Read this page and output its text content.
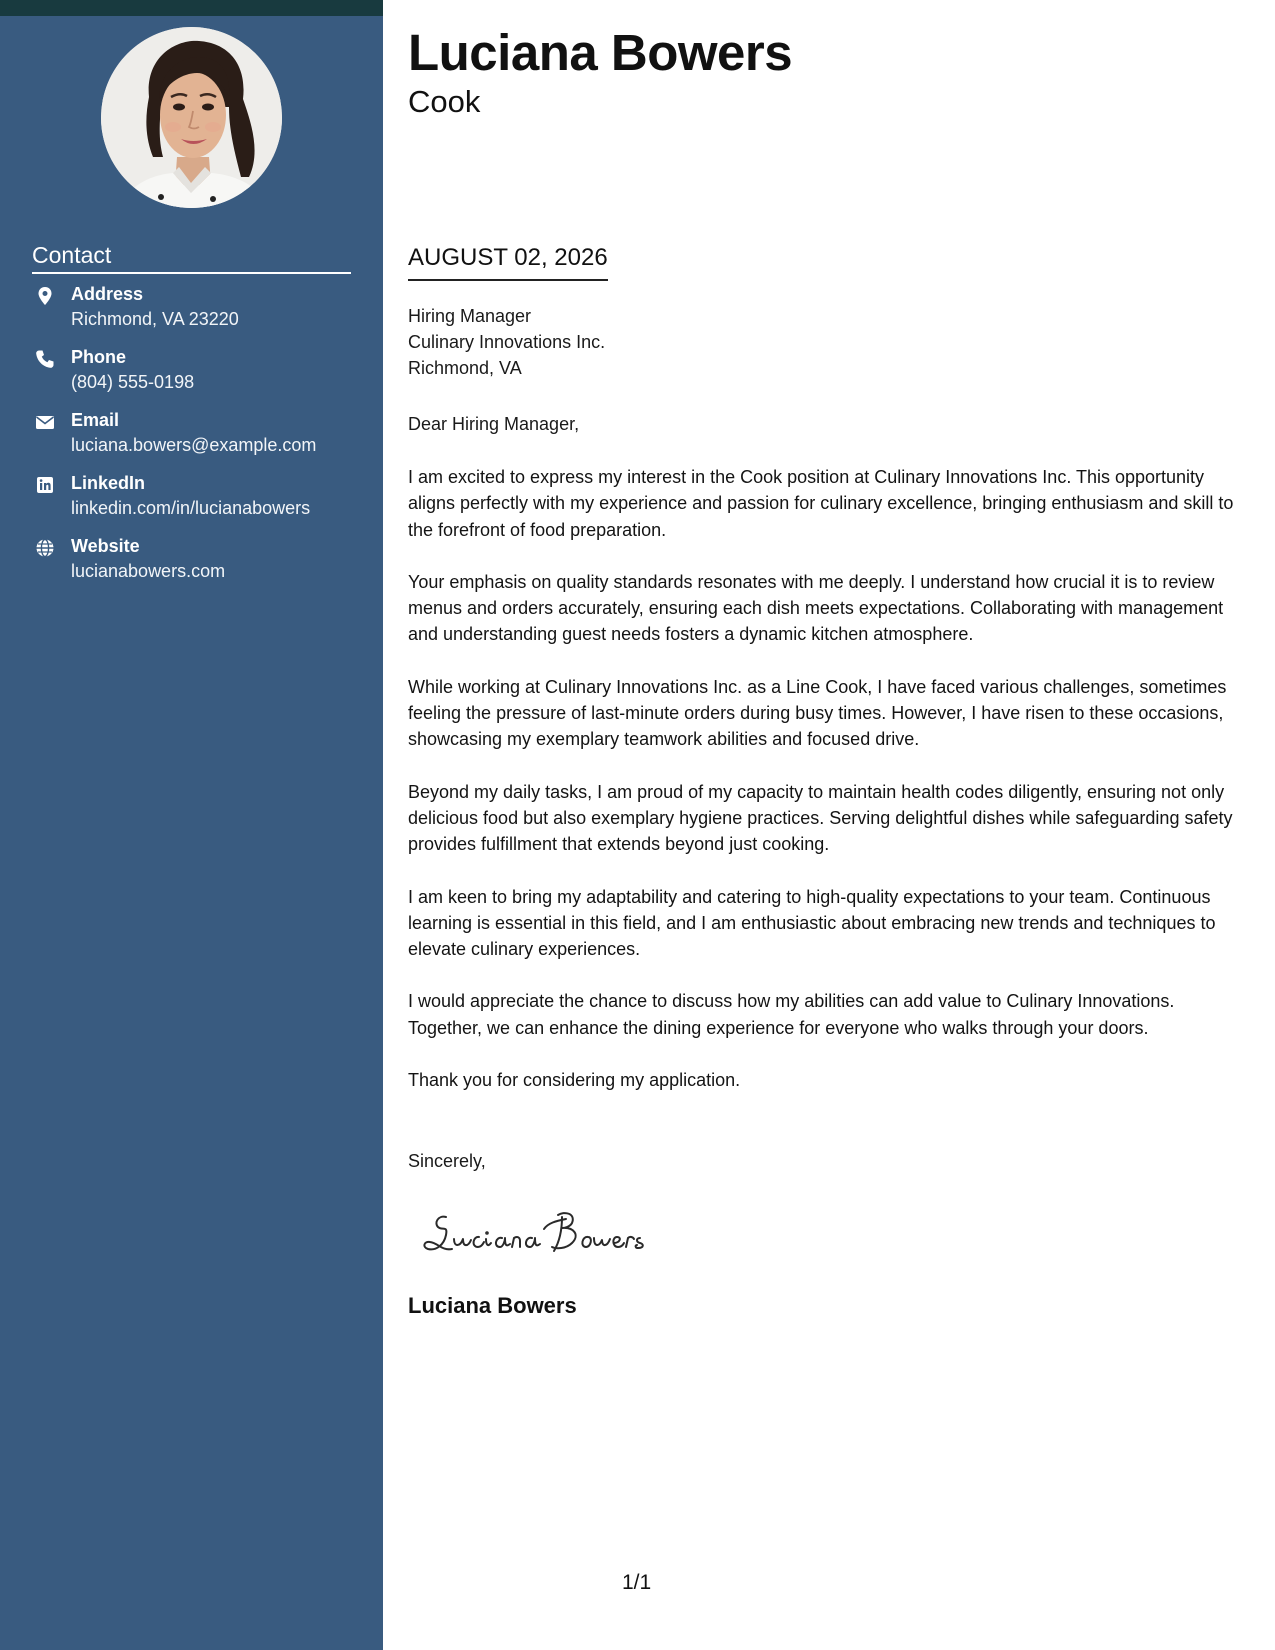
Contact
Address
Richmond, VA 23220
Phone
(804) 555-0198
Email
luciana.bowers@example.com
LinkedIn
linkedin.com/in/lucianabowers
Website
lucianabowers.com
Luciana Bowers
Cook
AUGUST 02, 2026
Hiring Manager
Culinary Innovations Inc.
Richmond, VA
Dear Hiring Manager,

I am excited to express my interest in the Cook position at Culinary Innovations Inc. This opportunity aligns perfectly with my experience and passion for culinary excellence, bringing enthusiasm and skill to the forefront of food preparation.

Your emphasis on quality standards resonates with me deeply. I understand how crucial it is to review menus and orders accurately, ensuring each dish meets expectations. Collaborating with management and understanding guest needs fosters a dynamic kitchen atmosphere.

While working at Culinary Innovations Inc. as a Line Cook, I have faced various challenges, sometimes feeling the pressure of last-minute orders during busy times. However, I have risen to these occasions, showcasing my exemplary teamwork abilities and focused drive.

Beyond my daily tasks, I am proud of my capacity to maintain health codes diligently, ensuring not only delicious food but also exemplary hygiene practices. Serving delightful dishes while safeguarding safety provides fulfillment that extends beyond just cooking.

I am keen to bring my adaptability and catering to high-quality expectations to your team. Continuous learning is essential in this field, and I am enthusiastic about embracing new trends and techniques to elevate culinary experiences.

I would appreciate the chance to discuss how my abilities can add value to Culinary Innovations. Together, we can enhance the dining experience for everyone who walks through your doors.

Thank you for considering my application.

Sincerely,
Luciana Bowers
1/1
